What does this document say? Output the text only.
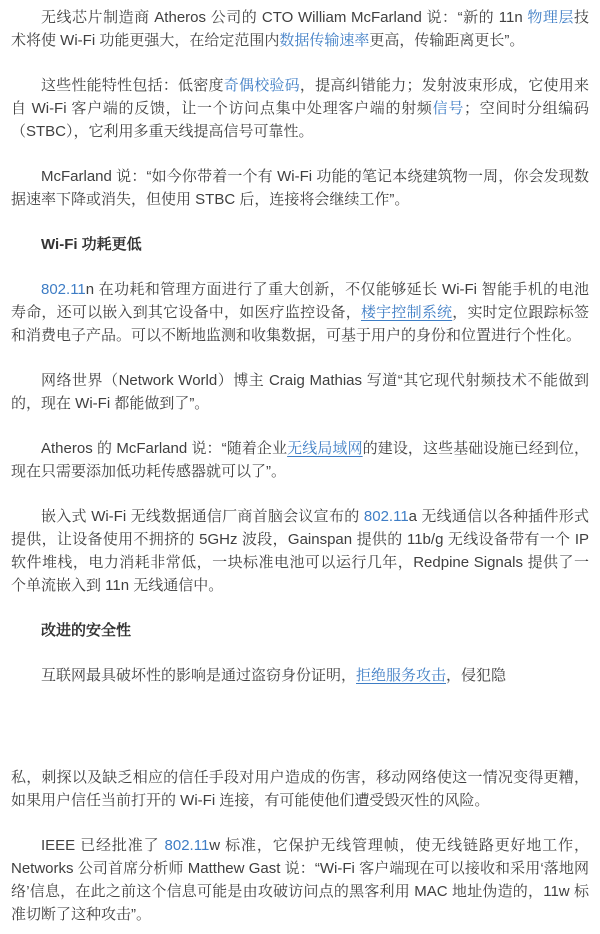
无线芯片制造商 Atheros 公司的 CTO William McFarland 说：“新的 11n 物理层技术将使 Wi-Fi 功能更强大，在给定范围内数据传输速率更高，传输距离更长”。

这些性能特性包括：低密度奇偶校验码，提高纠错能力；发射波束形成，它使用来自 Wi-Fi 客户端的反馈，让一个访问点集中处理客户端的射频信号；空间时分组编码（STBC），它利用多重天线提高信号可靠性。

McFarland 说：“如今你带着一个有 Wi-Fi 功能的笔记本绕建筑物一周，你会发现数据速率下降或消失，但使用 STBC 后，连接将会继续工作”。

Wi-Fi 功耗更低

802.11n 在功耗和管理方面进行了重大创新，不仅能够延长 Wi-Fi 智能手机的电池寿命，还可以嵌入到其它设备中，如医疗监控设备，楼宇控制系统，实时定位跟踪标签和消费电子产品。可以不断地监测和收集数据，可基于用户的身份和位置进行个性化。

网络世界（Network World）博主 Craig Mathias 写道“其它现代射频技术不能做到的，现在 Wi-Fi 都能做到了”。

Atheros 的 McFarland 说：“随着企业无线局域网的建设，这些基础设施已经到位，现在只需要添加低功耗传感器就可以了”。

嵌入式 Wi-Fi 无线数据通信厂商首脑会议宣布的 802.11a 无线通信以各种插件形式提供，让设备使用不拥挤的 5GHz 波段，Gainspan 提供的 11b/g 无线设备带有一个 IP 软件堆栈，电力消耗非常低，一块标准电池可以运行几年，Redpine Signals 提供了一个单流嵌入到 11n 无线通信中。

改进的安全性

互联网最具破坏性的影响是通过盗窃身份证明，拒绝服务攻击，侵犯隐

私，刺探以及缺乏相应的信任手段对用户造成的伤害，移动网络使这一情况变得更糟，如果用户信任当前打开的 Wi-Fi 连接，有可能使他们遭受毁灭性的风险。

IEEE 已经批准了 802.11w 标准，它保护无线管理帧，使无线链路更好地工作，Networks 公司首席分析师 Matthew Gast 说：“Wi-Fi 客户端现在可以接收和采用‘落地网络’信息，在此之前这个信息可能是由攻破访问点的黑客利用 MAC 地址伪造的，11w 标准切断了这种攻击”。
